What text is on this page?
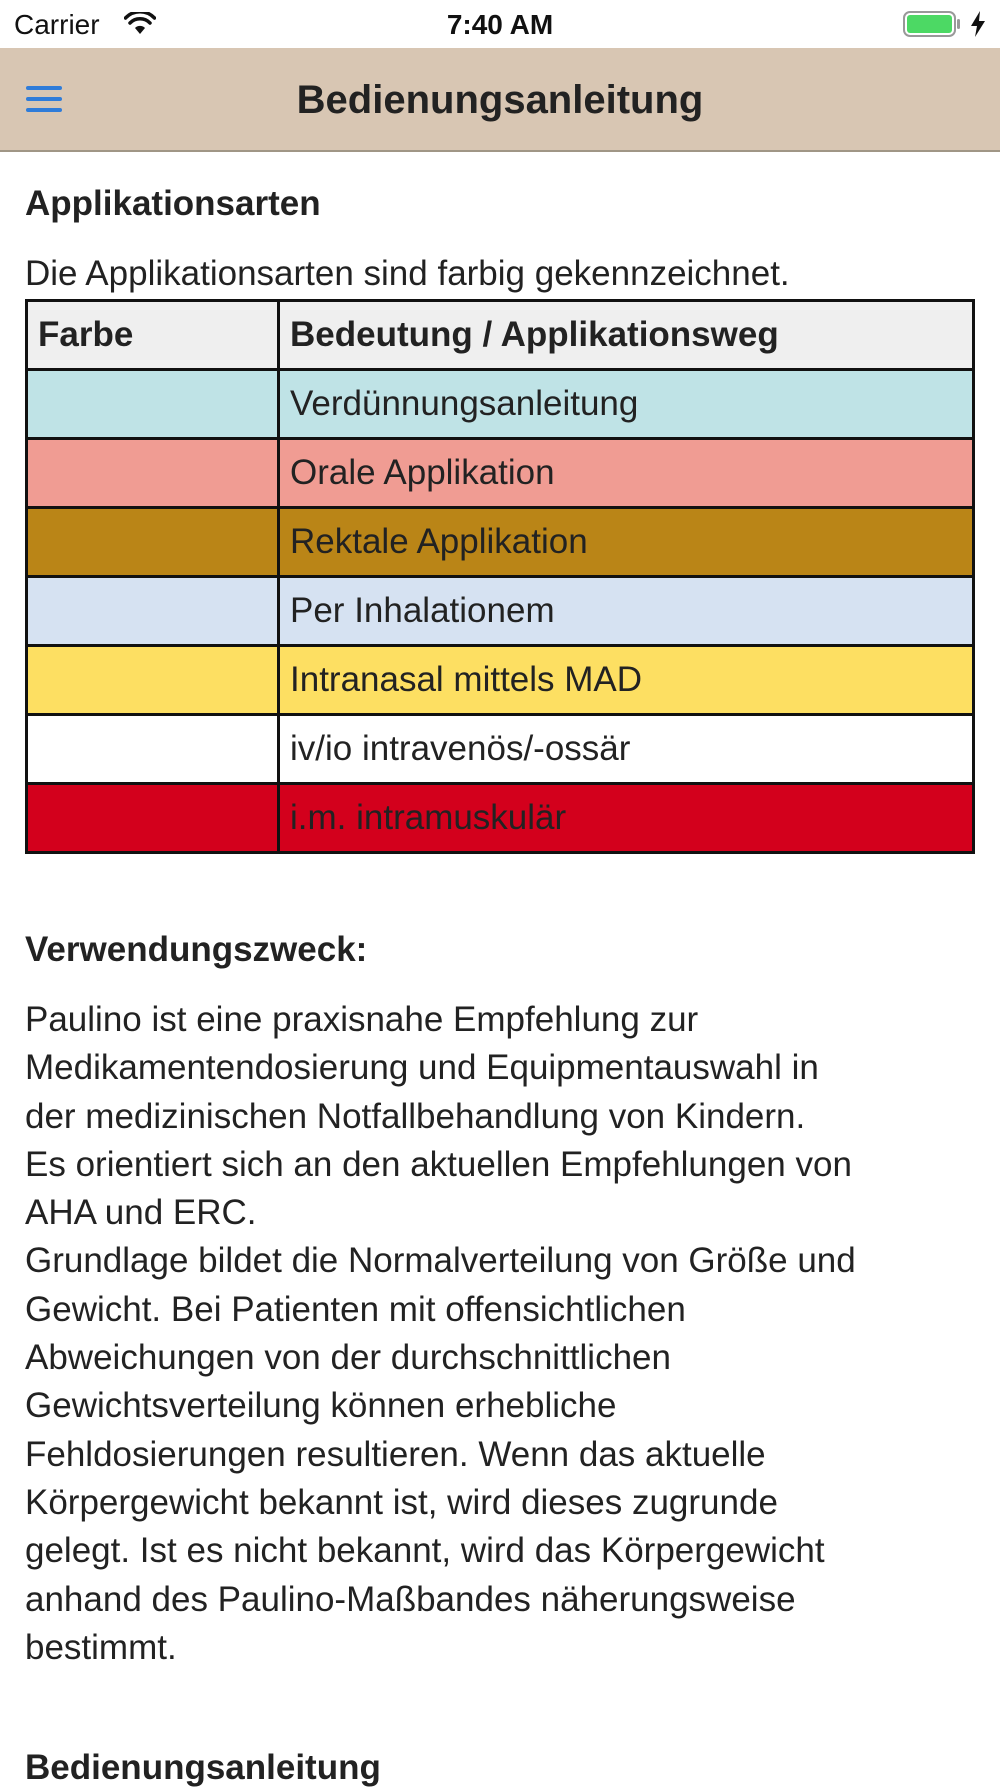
Carrier	7:40 AM
Bedienungsanleitung
Applikationsarten
Die Applikationsarten sind farbig gekennzeichnet.
Farbe	Bedeutung / Applikationsweg
	Verdünnungsanleitung
	Orale Applikation
	Rektale Applikation
	Per Inhalationem
	Intranasal mittels MAD
	iv/io intravenös/-ossär
	i.m. intramuskulär
Verwendungszweck:
Paulino ist eine praxisnahe Empfehlung zur
Medikamentendosierung und Equipmentauswahl in
der medizinischen Notfallbehandlung von Kindern.
Es orientiert sich an den aktuellen Empfehlungen von
AHA und ERC.
Grundlage bildet die Normalverteilung von Größe und
Gewicht. Bei Patienten mit offensichtlichen
Abweichungen von der durchschnittlichen
Gewichtsverteilung können erhebliche
Fehldosierungen resultieren. Wenn das aktuelle
Körpergewicht bekannt ist, wird dieses zugrunde
gelegt. Ist es nicht bekannt, wird das Körpergewicht
anhand des Paulino-Maßbandes näherungsweise
bestimmt.
Bedienungsanleitung
